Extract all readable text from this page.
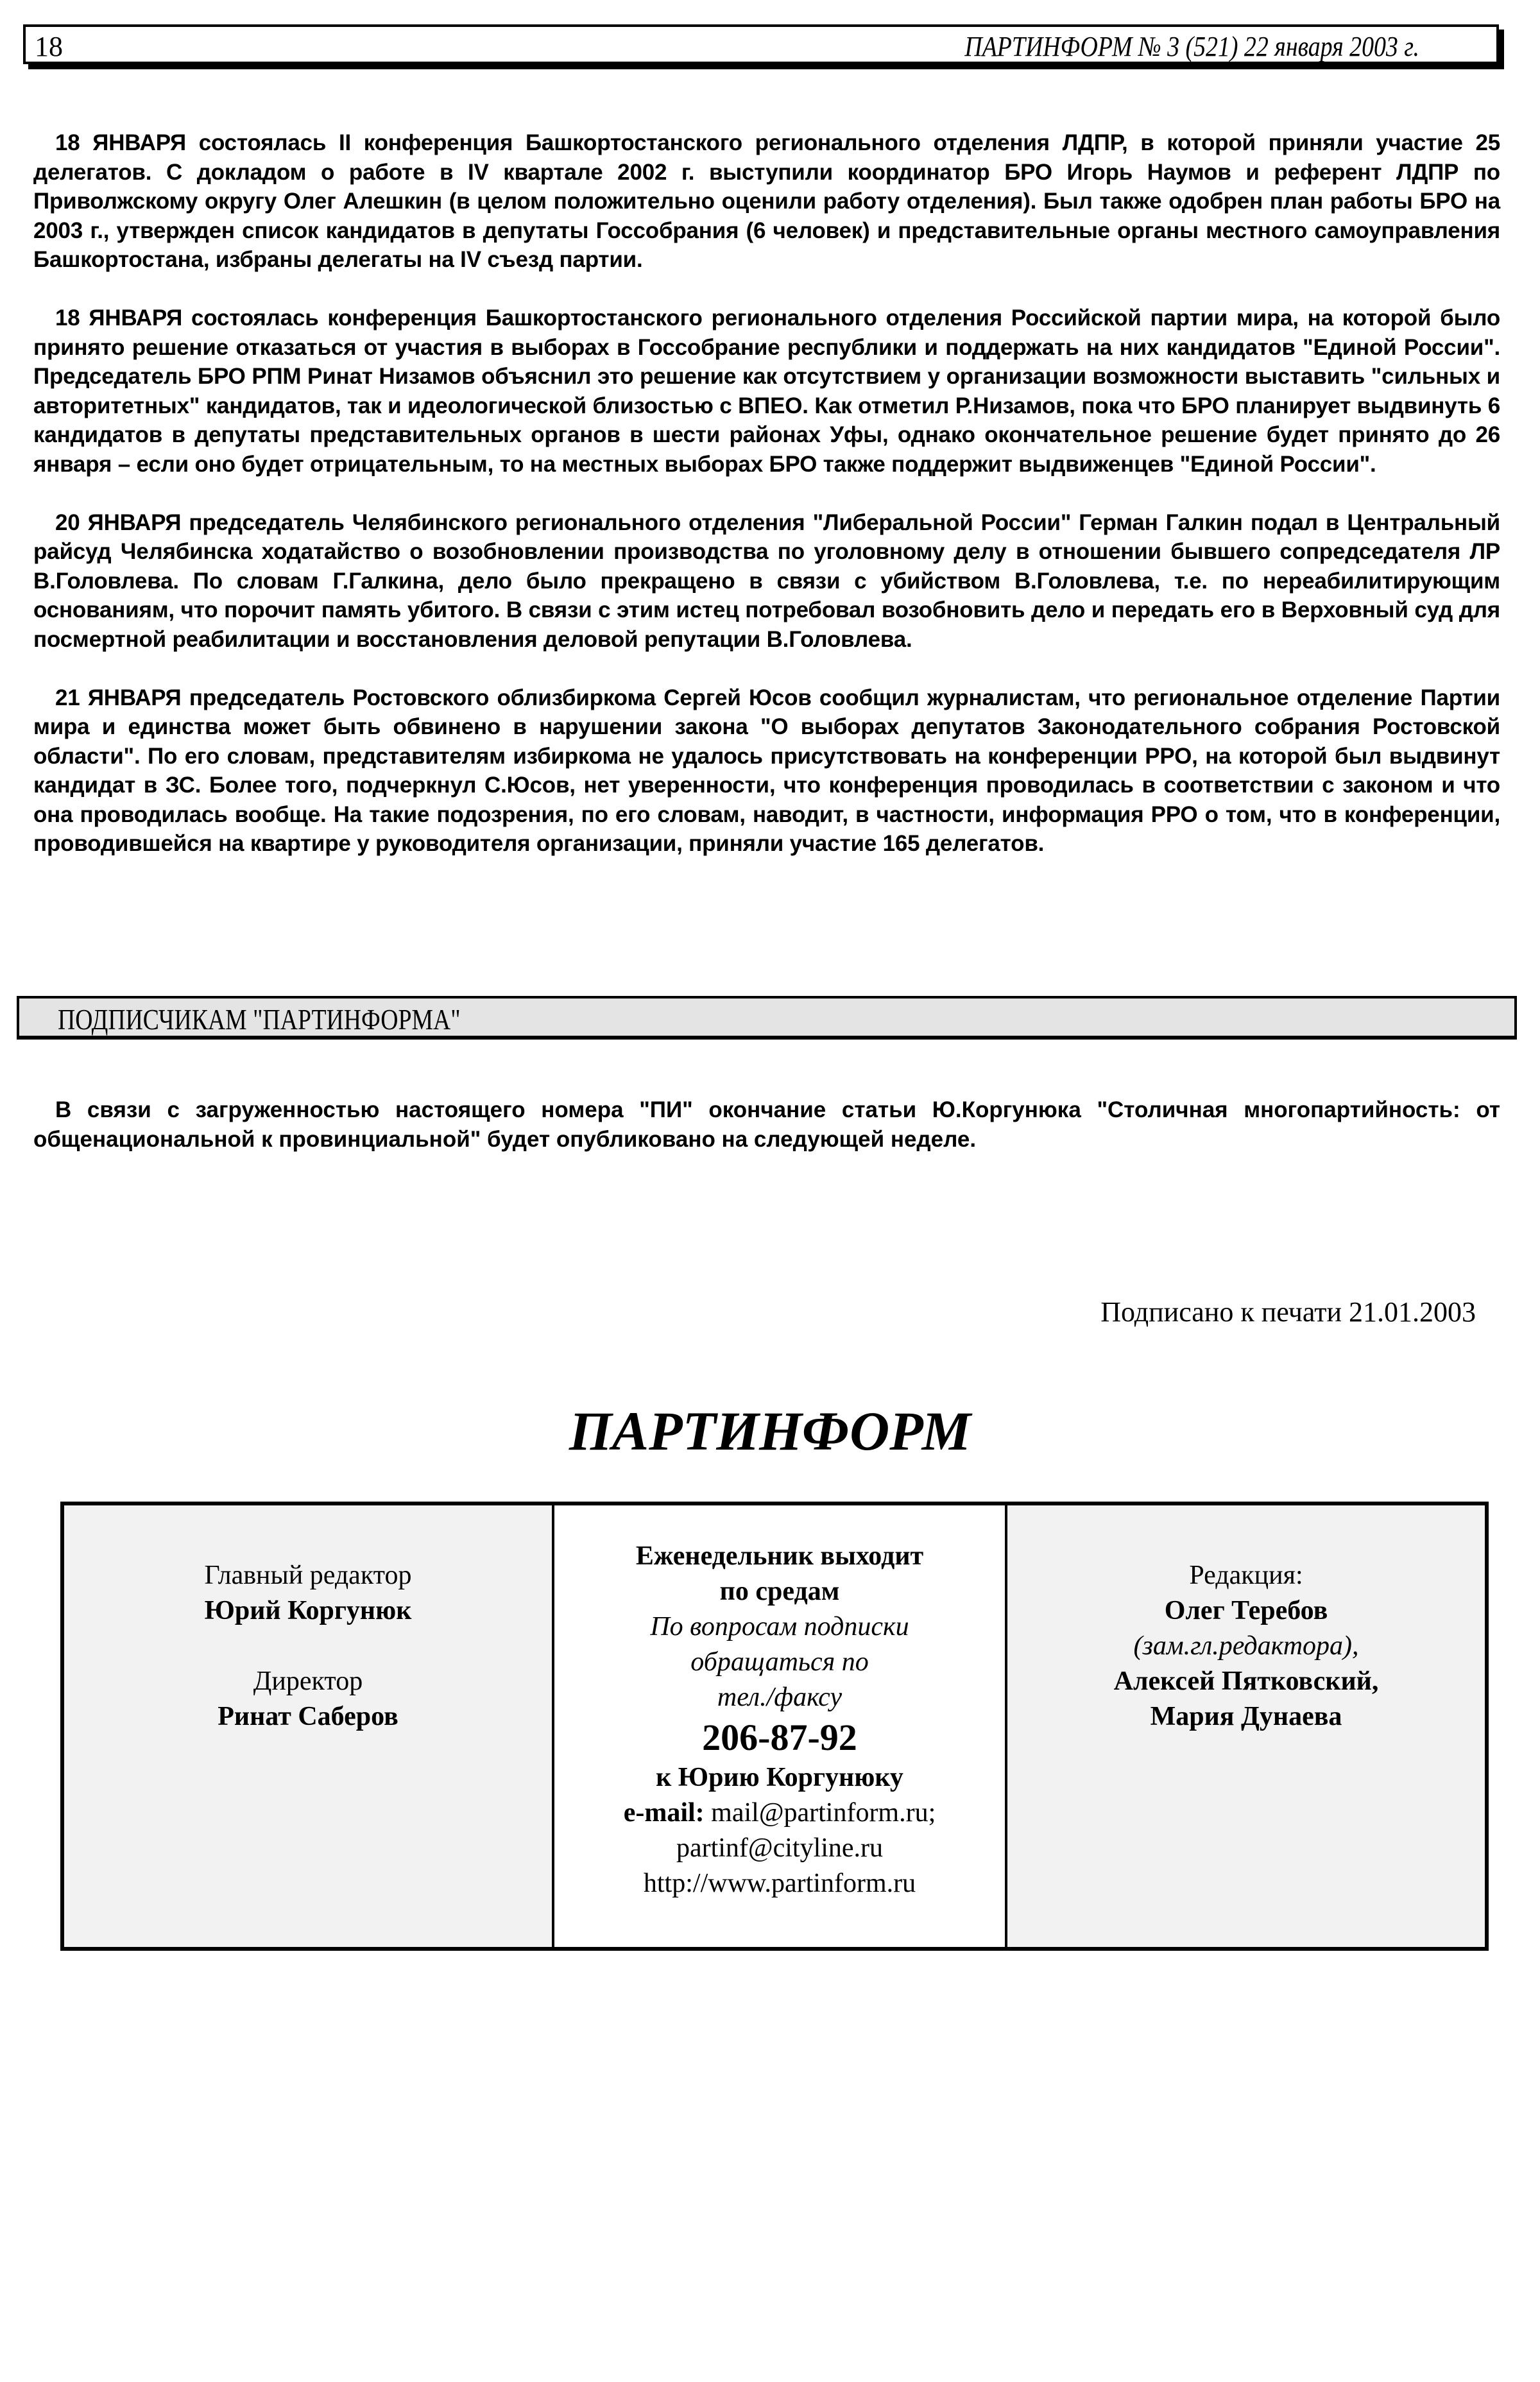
18	ПАРТИНФОРМ № 3 (521) 22 января 2003 г.

18 ЯНВАРЯ состоялась II конференция Башкортостанского регионального отделения ЛДПР, в которой приняли участие 25 делегатов. С докладом о работе в IV квартале 2002 г. выступили координатор БРО Игорь Наумов и референт ЛДПР по Приволжскому округу Олег Алешкин (в целом положительно оценили работу отделения). Был также одобрен план работы БРО на 2003 г., утвержден список кандидатов в депутаты Госсобрания (6 человек) и представительные органы местного самоуправления Башкортостана, избраны делегаты на IV съезд партии.

18 ЯНВАРЯ состоялась конференция Башкортостанского регионального отделения Российской партии мира, на которой было принято решение отказаться от участия в выборах в Госсобрание республики и поддержать на них кандидатов "Единой России". Председатель БРО РПМ Ринат Низамов объяснил это решение как отсутствием у организации возможности выставить "сильных и авторитетных" кандидатов, так и идеологической близостью с ВПЕО. Как отметил Р.Низамов, пока что БРО планирует выдвинуть 6 кандидатов в депутаты представительных органов в шести районах Уфы, однако окончательное решение будет принято до 26 января – если оно будет отрицательным, то на местных выборах БРО также поддержит выдвиженцев "Единой России".

20 ЯНВАРЯ председатель Челябинского регионального отделения "Либеральной России" Герман Галкин подал в Центральный райсуд Челябинска ходатайство о возобновлении производства по уголовному делу в отношении бывшего сопредседателя ЛР В.Головлева. По словам Г.Галкина, дело было прекращено в связи с убийством В.Головлева, т.е. по нереабилитирующим основаниям, что порочит память убитого. В связи с этим истец потребовал возобновить дело и передать его в Верховный суд для посмертной реабилитации и восстановления деловой репутации В.Головлева.

21 ЯНВАРЯ председатель Ростовского облизбиркома Сергей Юсов сообщил журналистам, что региональное отделение Партии мира и единства может быть обвинено в нарушении закона "О выборах депутатов Законодательного собрания Ростовской области". По его словам, представителям избиркома не удалось присутствовать на конференции РРО, на которой был выдвинут кандидат в ЗС. Более того, подчеркнул С.Юсов, нет уверенности, что конференция проводилась в соответствии с законом и что она проводилась вообще. На такие подозрения, по его словам, наводит, в частности, информация РРО о том, что в конференции, проводившейся на квартире у руководителя организации, приняли участие 165 делегатов.

ПОДПИСЧИКАМ "ПАРТИНФОРМА"

В связи с загруженностью настоящего номера "ПИ" окончание статьи Ю.Коргунюка "Столичная многопартийность: от общенациональной к провинциальной" будет опубликовано на следующей неделе.

Подписано к печати 21.01.2003
ПАРТИНФОРМ
Главный редактор
Юрий Коргунюк
Директор
Ринат Саберов
Еженедельник выходит
по средам
По вопросам подписки
обращаться по
тел./факсу
206-87-92
к Юрию Коргунюку
e-mail: mail@partinform.ru;
partinf@cityline.ru
http://www.partinform.ru
Редакция:
Олег Теребов
(зам.гл.редактора),
Алексей Пятковский,
Мария Дунаева
